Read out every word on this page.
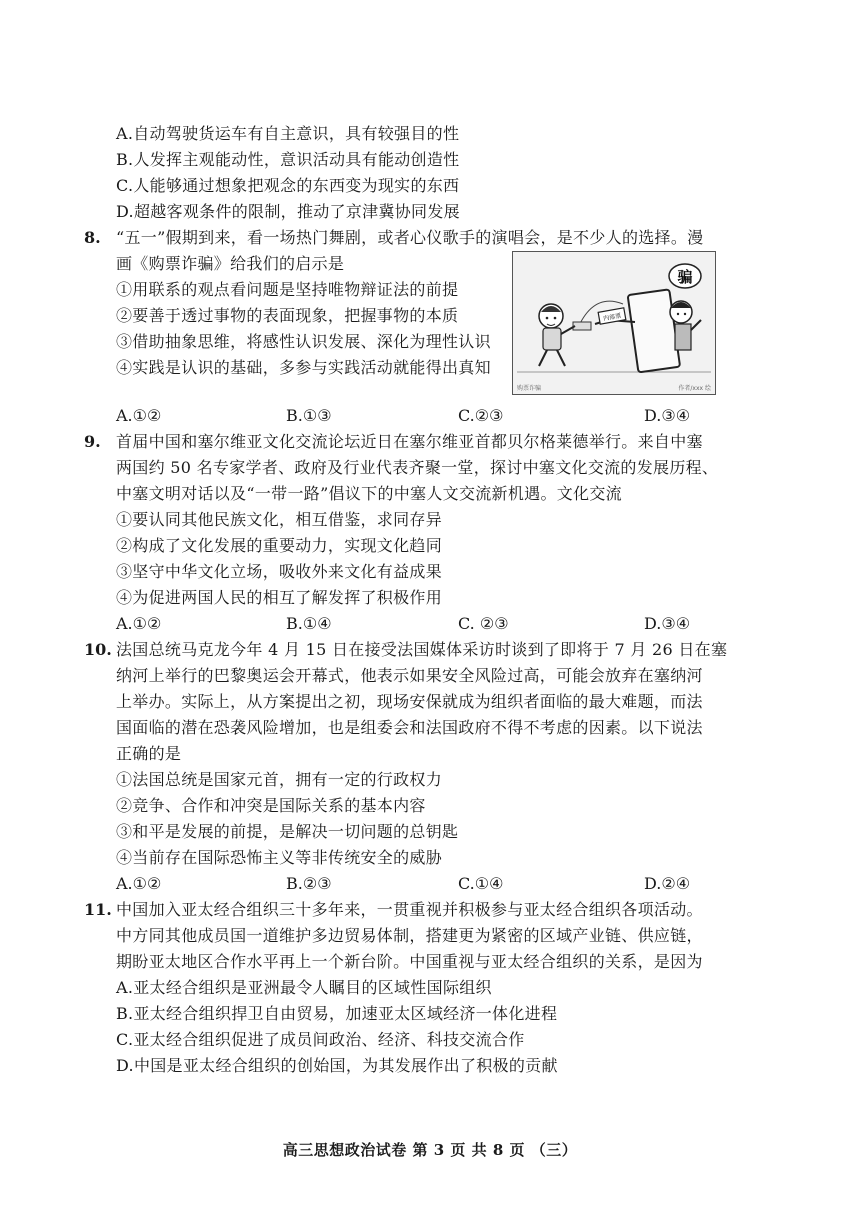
A.自动驾驶货运车有自主意识，具有较强目的性
B.人发挥主观能动性，意识活动具有能动创造性
C.人能够通过想象把观念的东西变为现实的东西
D.超越客观条件的限制，推动了京津冀协同发展
8. “五一”假期到来，看一场热门舞剧，或者心仪歌手的演唱会，是不少人的选择。漫
画《购票诈骗》给我们的启示是
①用联系的观点看问题是坚持唯物辩证法的前提
②要善于透过事物的表面现象，把握事物的本质
③借助抽象思维，将感性认识发展、深化为理性认识
④实践是认识的基础，多参与实践活动就能得出真知
内部票
骗
购票诈骗	作者/xxx 绘
A.①②	B.①③	C.②③	D.③④
9. 首届中国和塞尔维亚文化交流论坛近日在塞尔维亚首都贝尔格莱德举行。来自中塞
两国约 50 名专家学者、政府及行业代表齐聚一堂，探讨中塞文化交流的发展历程、
中塞文明对话以及“一带一路”倡议下的中塞人文交流新机遇。文化交流
①要认同其他民族文化，相互借鉴，求同存异
②构成了文化发展的重要动力，实现文化趋同
③坚守中华文化立场，吸收外来文化有益成果
④为促进两国人民的相互了解发挥了积极作用
A.①②	B.①④	C. ②③	D.③④
10. 法国总统马克龙今年 4 月 15 日在接受法国媒体采访时谈到了即将于 7 月 26 日在塞
纳河上举行的巴黎奥运会开幕式，他表示如果安全风险过高，可能会放弃在塞纳河
上举办。实际上，从方案提出之初，现场安保就成为组织者面临的最大难题，而法
国面临的潜在恐袭风险增加，也是组委会和法国政府不得不考虑的因素。以下说法
正确的是
①法国总统是国家元首，拥有一定的行政权力
②竞争、合作和冲突是国际关系的基本内容
③和平是发展的前提，是解决一切问题的总钥匙
④当前存在国际恐怖主义等非传统安全的威胁
A.①②	B.②③	C.①④	D.②④
11. 中国加入亚太经合组织三十多年来，一贯重视并积极参与亚太经合组织各项活动。
中方同其他成员国一道维护多边贸易体制，搭建更为紧密的区域产业链、供应链，
期盼亚太地区合作水平再上一个新台阶。中国重视与亚太经合组织的关系，是因为
A.亚太经合组织是亚洲最令人瞩目的区域性国际组织
B.亚太经合组织捍卫自由贸易，加速亚太区域经济一体化进程
C.亚太经合组织促进了成员间政治、经济、科技交流合作
D.中国是亚太经合组织的创始国，为其发展作出了积极的贡献
高三思想政治试卷 第 3 页 共 8 页 （三）
